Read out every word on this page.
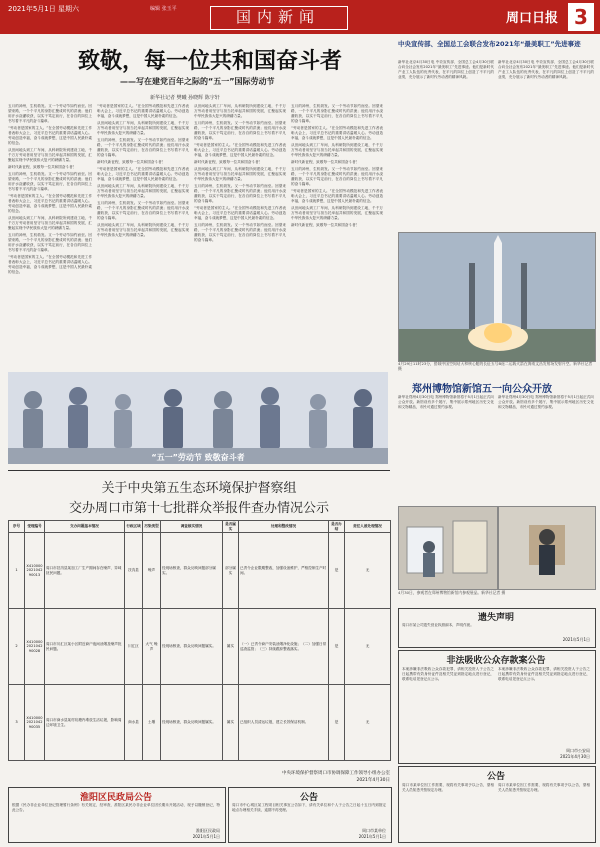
2021年5月1日 星期六	编辑 张玉平	国内新闻	周口日报 3
致敬，每一位共和国奋斗者
——写在建党百年之际的“五一”国际劳动节
新华社记者 樊曦 孙晓辉 陈宇轩

五月的神州，生机勃发。又一个劳动节如约而至。回望来路，一个个平凡的身影汇聚成时代的洪流；他们用汗水浇灌收获，以实干笃定前行，在各自的岗位上书写着不平凡的奋斗篇章。

“劳动者是国家的主人。”在全国劳动模范和先进工作者表彰大会上，习近平总书记的重要讲话温暖人心。劳动创造幸福，奋斗成就梦想，这是中国人民最朴素的信念。

从田间地头到工厂车间，从科研院所到建设工地，千千万万劳动者用坚守与担当托举起共和国的发展，汇聚起实现中华民族伟大复兴的磅礴力量。

新时代新征程，致敬每一位共和国奋斗者！

五月的神州，生机勃发。又一个劳动节如约而至。回望来路，一个个平凡的身影汇聚成时代的洪流；他们用汗水浇灌收获，以实干笃定前行，在各自的岗位上书写着不平凡的奋斗篇章。

“劳动者是国家的主人。”在全国劳动模范和先进工作者表彰大会上，习近平总书记的重要讲话温暖人心。劳动创造幸福，奋斗成就梦想，这是中国人民最朴素的信念。

从田间地头到工厂车间，从科研院所到建设工地，千千万万劳动者用坚守与担当托举起共和国的发展，汇聚起实现中华民族伟大复兴的磅礴力量。

五月的神州，生机勃发。又一个劳动节如约而至。回望来路，一个个平凡的身影汇聚成时代的洪流；他们用汗水浇灌收获，以实干笃定前行，在各自的岗位上书写着不平凡的奋斗篇章。

“劳动者是国家的主人。”在全国劳动模范和先进工作者表彰大会上，习近平总书记的重要讲话温暖人心。劳动创造幸福，奋斗成就梦想，这是中国人民最朴素的信念。

“劳动者是国家的主人。”在全国劳动模范和先进工作者表彰大会上，习近平总书记的重要讲话温暖人心。劳动创造幸福，奋斗成就梦想，这是中国人民最朴素的信念。

从田间地头到工厂车间，从科研院所到建设工地，千千万万劳动者用坚守与担当托举起共和国的发展，汇聚起实现中华民族伟大复兴的磅礴力量。

五月的神州，生机勃发。又一个劳动节如约而至。回望来路，一个个平凡的身影汇聚成时代的洪流；他们用汗水浇灌收获，以实干笃定前行，在各自的岗位上书写着不平凡的奋斗篇章。

新时代新征程，致敬每一位共和国奋斗者！

“劳动者是国家的主人。”在全国劳动模范和先进工作者表彰大会上，习近平总书记的重要讲话温暖人心。劳动创造幸福，奋斗成就梦想，这是中国人民最朴素的信念。

从田间地头到工厂车间，从科研院所到建设工地，千千万万劳动者用坚守与担当托举起共和国的发展，汇聚起实现中华民族伟大复兴的磅礴力量。

五月的神州，生机勃发。又一个劳动节如约而至。回望来路，一个个平凡的身影汇聚成时代的洪流；他们用汗水浇灌收获，以实干笃定前行，在各自的岗位上书写着不平凡的奋斗篇章。

从田间地头到工厂车间，从科研院所到建设工地，千千万万劳动者用坚守与担当托举起共和国的发展，汇聚起实现中华民族伟大复兴的磅礴力量。

从田间地头到工厂车间，从科研院所到建设工地，千千万万劳动者用坚守与担当托举起共和国的发展，汇聚起实现中华民族伟大复兴的磅礴力量。

五月的神州，生机勃发。又一个劳动节如约而至。回望来路，一个个平凡的身影汇聚成时代的洪流；他们用汗水浇灌收获，以实干笃定前行，在各自的岗位上书写着不平凡的奋斗篇章。

“劳动者是国家的主人。”在全国劳动模范和先进工作者表彰大会上，习近平总书记的重要讲话温暖人心。劳动创造幸福，奋斗成就梦想，这是中国人民最朴素的信念。

新时代新征程，致敬每一位共和国奋斗者！

从田间地头到工厂车间，从科研院所到建设工地，千千万万劳动者用坚守与担当托举起共和国的发展，汇聚起实现中华民族伟大复兴的磅礴力量。

五月的神州，生机勃发。又一个劳动节如约而至。回望来路，一个个平凡的身影汇聚成时代的洪流；他们用汗水浇灌收获，以实干笃定前行，在各自的岗位上书写着不平凡的奋斗篇章。

“劳动者是国家的主人。”在全国劳动模范和先进工作者表彰大会上，习近平总书记的重要讲话温暖人心。劳动创造幸福，奋斗成就梦想，这是中国人民最朴素的信念。

五月的神州，生机勃发。又一个劳动节如约而至。回望来路，一个个平凡的身影汇聚成时代的洪流；他们用汗水浇灌收获，以实干笃定前行，在各自的岗位上书写着不平凡的奋斗篇章。

五月的神州，生机勃发。又一个劳动节如约而至。回望来路，一个个平凡的身影汇聚成时代的洪流；他们用汗水浇灌收获，以实干笃定前行，在各自的岗位上书写着不平凡的奋斗篇章。

“劳动者是国家的主人。”在全国劳动模范和先进工作者表彰大会上，习近平总书记的重要讲话温暖人心。劳动创造幸福，奋斗成就梦想，这是中国人民最朴素的信念。

从田间地头到工厂车间，从科研院所到建设工地，千千万万劳动者用坚守与担当托举起共和国的发展，汇聚起实现中华民族伟大复兴的磅礴力量。

新时代新征程，致敬每一位共和国奋斗者！

五月的神州，生机勃发。又一个劳动节如约而至。回望来路，一个个平凡的身影汇聚成时代的洪流；他们用汗水浇灌收获，以实干笃定前行，在各自的岗位上书写着不平凡的奋斗篇章。

“劳动者是国家的主人。”在全国劳动模范和先进工作者表彰大会上，习近平总书记的重要讲话温暖人心。劳动创造幸福，奋斗成就梦想，这是中国人民最朴素的信念。

从田间地头到工厂车间，从科研院所到建设工地，千千万万劳动者用坚守与担当托举起共和国的发展，汇聚起实现中华民族伟大复兴的磅礴力量。

新时代新征程，致敬每一位共和国奋斗者！

“五一”劳动节 致敬奋斗者
中央宣传部、全国总工会联合发布2021年“最美职工”先进事迹
新华社北京4月30日电 中央宣传部、全国总工会4月30日联合向全社会发布2021年“最美职工”先进事迹。他们是新时代产业工人队伍的优秀代表，在平凡的岗位上创造了不平凡的业绩，充分展示了新时代劳动者的精神风貌。
新华社北京4月30日电 中央宣传部、全国总工会4月30日联合向全社会发布2021年“最美职工”先进事迹。他们是新时代产业工人队伍的优秀代表，在平凡的岗位上创造了不平凡的业绩，充分展示了新时代劳动者的精神风貌。
4月29日11时23分，搭载中国空间站天和核心舱的长征五号B遥二运载火箭在海南文昌发射场发射升空。新华社记者 摄
郑州博物馆新馆五一向公众开放
新华社郑州4月30日电 郑州博物馆新馆将于5月1日起正式向公众开放。新馆设有多个展厅，集中展示郑州地区历史文化和文物精品，市民可通过预约参观。
新华社郑州4月30日电 郑州博物馆新馆将于5月1日起正式向公众开放。新馆设有多个展厅，集中展示郑州地区历史文化和文物精品，市民可通过预约参观。
4月30日，参观者在郑州博物馆新馆内参观展品。新华社记者 摄
关于中央第五生态环境保护督察组
交办周口市第十七批群众举报件查办情况公示
序号	受理编号	交办问题基本情况	行政区域	污染类型	调查核实情况	是否属实	处理和整改情况	是否办结	责任人被处理情况
1	X410000202104290013	周口市扶沟县某加工厂生产期间存在噪声、异味扰民问题。	扶沟县	噪声	经现场核查，群众反映问题部分属实。	部分属实	已责令企业限期整改，加强设备维护，严格控制生产时间。	是	无
2	X410000202104290028	周口市川汇区某小区附近商户夜间油烟及噪声扰民问题。	川汇区	大气 噪声	经现场核查，群众反映问题属实。	属实	（一）已责令商户安装油烟净化设施；（二）加强日常巡查监管；（三）持续跟踪整改落实。	是	无
3	X410000202104290035	周口市商水县某村坑塘内堆放生活垃圾，影响周边环境卫生。	商水县	土壤	经现场核查，群众反映问题属实。	属实	已组织人员清运垃圾，建立长效保洁机制。	是	无
中央环境保护督察周口市协调保障工作领导小组办公室
2021年4月30日
淮阳区民政局公告
根据《民办非企业单位登记管理暂行条例》有关规定，经审查，淮阳区某民办非企业单位因长期未开展活动，现予以撤销登记，特此公告。
淮阳区民政局
2021年5月1日
公告
周口市中心城区某工程项目相关事宜公告如下，请有关单位和个人于公告之日起十五日内到指定地点办理相关手续，逾期不再受理。
周口市某单位
2021年5月1日
遗失声明
周口市某公司遗失营业执照副本，声明作废。
2021年5月1日
非法吸收公众存款案公告
本案涉嫌非法吸收公众存款犯罪，请相关投资人于公告之日起携带有效身份证件及相关凭证到指定地点进行登记，联系电话见登记点公示。
本案涉嫌非法吸收公众存款犯罪，请相关投资人于公告之日起携带有效身份证件及相关凭证到指定地点进行登记，联系电话见登记点公示。
周口市公安局
2021年4月30日
公告
周口市某单位因工作需要，现将有关事项予以公告，望相关人员知悉并按规定办理。
周口市某单位因工作需要，现将有关事项予以公告，望相关人员知悉并按规定办理。
